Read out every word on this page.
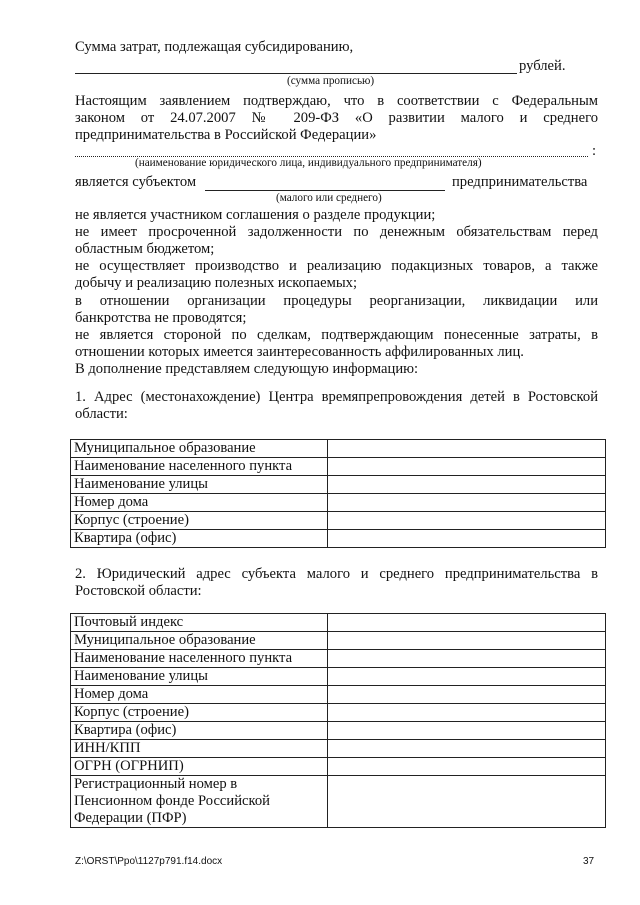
Сумма затрат, подлежащая субсидированию,
рублей.
(сумма прописью)
Настоящим заявлением подтверждаю, что в соответствии с Федеральным
законом от 24.07.2007 № 209-ФЗ «О развитии малого и среднего
предпринимательства в Российской Федерации»
:
(наименование юридического лица, индивидуального предпринимателя)
является субъектом	предпринимательства
(малого или среднего)
не является участником соглашения о разделе продукции;
не имеет просроченной задолженности по денежным обязательствам перед
областным бюджетом;
не осуществляет производство и реализацию подакцизных товаров, а также
добычу и реализацию полезных ископаемых;
в отношении организации процедуры реорганизации, ликвидации или
банкротства не проводятся;
не является стороной по сделкам, подтверждающим понесенные затраты, в
отношении которых имеется заинтересованность аффилированных лиц.
В дополнение представляем следующую информацию:
1. Адрес (местонахождение) Центра времяпрепровождения детей в Ростовской
области:
Муниципальное образование	
Наименование населенного пункта	
Наименование улицы	
Номер дома	
Корпус (строение)	
Квартира (офис)	
2. Юридический адрес субъекта малого и среднего предпринимательства в
Ростовской области:
Почтовый индекс	
Муниципальное образование	
Наименование населенного пункта	
Наименование улицы	
Номер дома	
Корпус (строение)	
Квартира (офис)	
ИНН/КПП	
ОГРН (ОГРНИП)	

Регистрационный номер в
Пенсионном фонде Российской
Федерации (ПФР)	

Z:\ORST\Ppo\1127p791.f14.docx	37
